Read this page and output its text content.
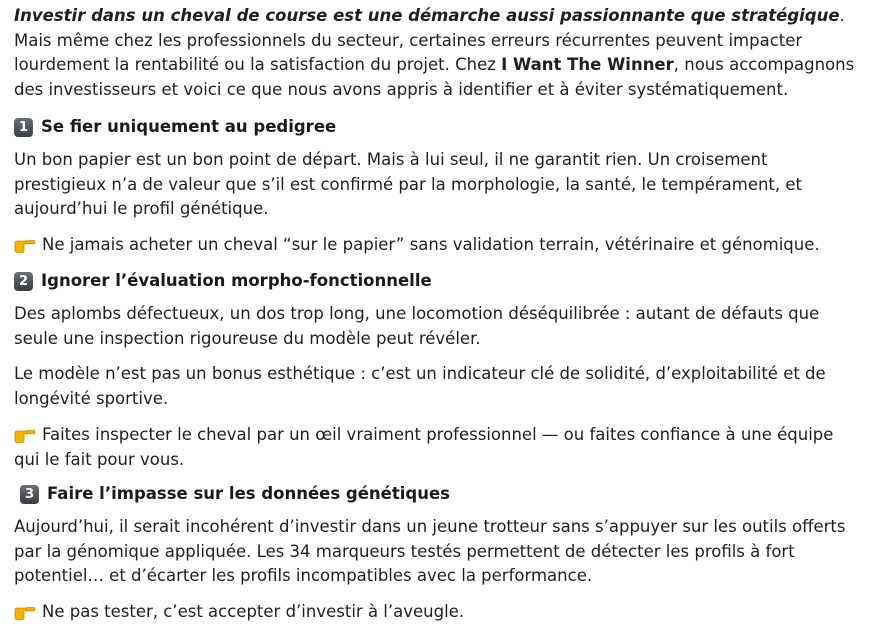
Investir dans un cheval de course est une démarche aussi passionnante que stratégique. Mais même chez les professionnels du secteur, certaines erreurs récurrentes peuvent impacter lourdement la rentabilité ou la satisfaction du projet. Chez I Want The Winner, nous accompagnons des investisseurs et voici ce que nous avons appris à identifier et à éviter systématiquement.

1 Se fier uniquement au pedigree

Un bon papier est un bon point de départ. Mais à lui seul, il ne garantit rien. Un croisement prestigieux n’a de valeur que s’il est confirmé par la morphologie, la santé, le tempérament, et aujourd’hui le profil génétique.

Ne jamais acheter un cheval “sur le papier” sans validation terrain, vétérinaire et génomique.

2 Ignorer l’évaluation morpho-fonctionnelle

Des aplombs défectueux, un dos trop long, une locomotion déséquilibrée : autant de défauts que seule une inspection rigoureuse du modèle peut révéler.

Le modèle n’est pas un bonus esthétique : c’est un indicateur clé de solidité, d’exploitabilité et de longévité sportive.

Faites inspecter le cheval par un œil vraiment professionnel — ou faites confiance à une équipe qui le fait pour vous.

3 Faire l’impasse sur les données génétiques

Aujourd’hui, il serait incohérent d’investir dans un jeune trotteur sans s’appuyer sur les outils offerts par la génomique appliquée. Les 34 marqueurs testés permettent de détecter les profils à fort potentiel… et d’écarter les profils incompatibles avec la performance.

Ne pas tester, c’est accepter d’investir à l’aveugle.
